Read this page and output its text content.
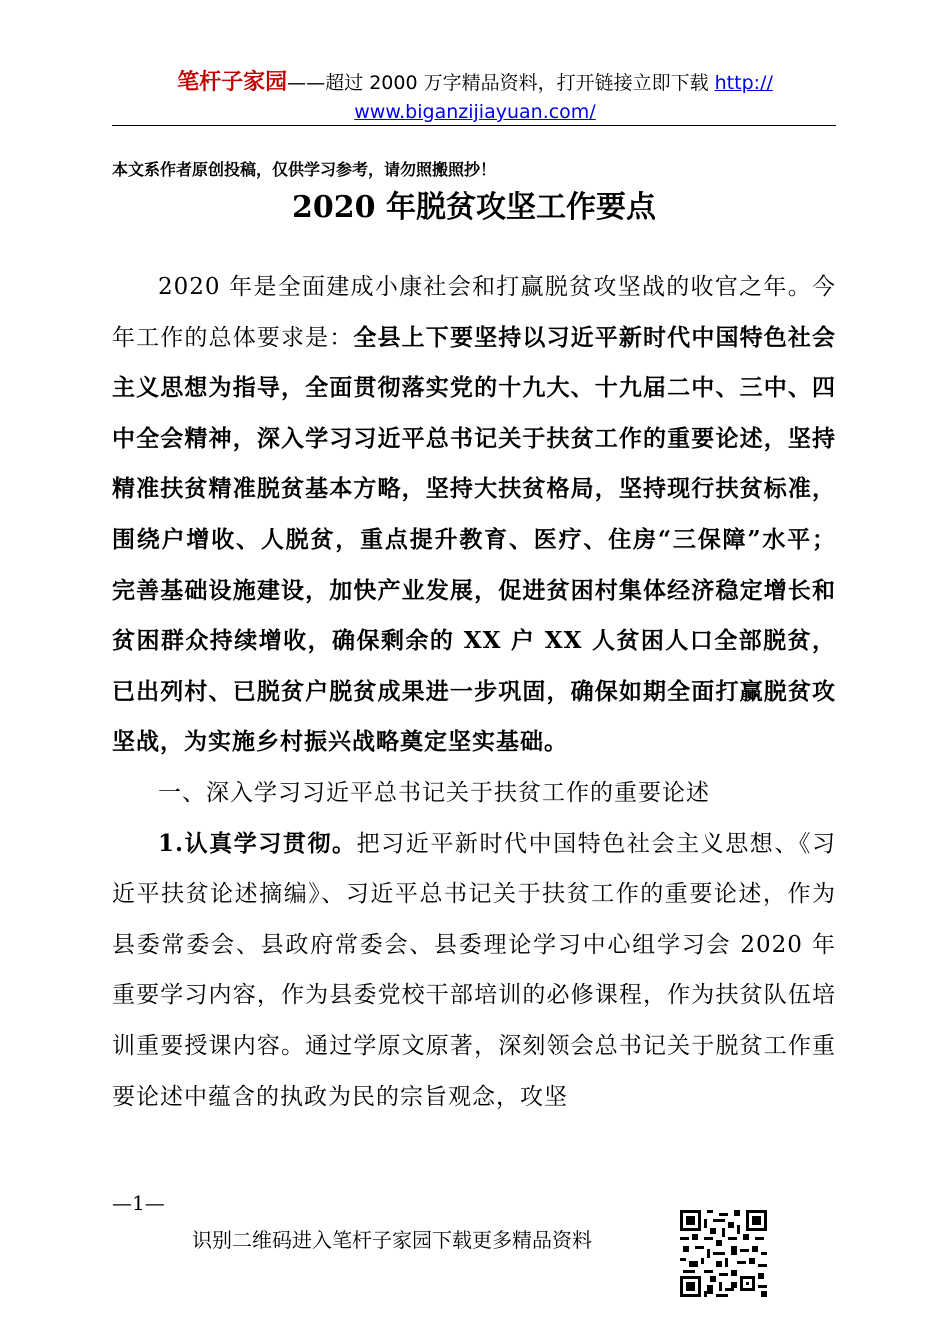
笔杆子家园——超过 2000 万字精品资料，打开链接立即下载 http://
www.biganzijiayuan.com/
本文系作者原创投稿，仅供学习参考，请勿照搬照抄！
2020 年脱贫攻坚工作要点

2020 年是全面建成小康社会和打赢脱贫攻坚战的收官之年。今年工作的总体要求是：全县上下要坚持以习近平新时代中国特色社会主义思想为指导，全面贯彻落实党的十九大、十九届二中、三中、四中全会精神，深入学习习近平总书记关于扶贫工作的重要论述，坚持精准扶贫精准脱贫基本方略，坚持大扶贫格局，坚持现行扶贫标准，围绕户增收、人脱贫，重点提升教育、医疗、住房“三保障”水平；完善基础设施建设，加快产业发展，促进贫困村集体经济稳定增长和贫困群众持续增收，确保剩余的 XX 户 XX 人贫困人口全部脱贫，已出列村、已脱贫户脱贫成果进一步巩固，确保如期全面打赢脱贫攻坚战，为实施乡村振兴战略奠定坚实基础。

一、深入学习习近平总书记关于扶贫工作的重要论述

1.认真学习贯彻。把习近平新时代中国特色社会主义思想、《习近平扶贫论述摘编》、习近平总书记关于扶贫工作的重要论述，作为县委常委会、县政府常委会、县委理论学习中心组学习会 2020 年重要学习内容，作为县委党校干部培训的必修课程，作为扶贫队伍培训重要授课内容。通过学原文原著，深刻领会总书记关于脱贫工作重要论述中蕴含的执政为民的宗旨观念，攻坚

—1—
识别二维码进入笔杆子家园下载更多精品资料
